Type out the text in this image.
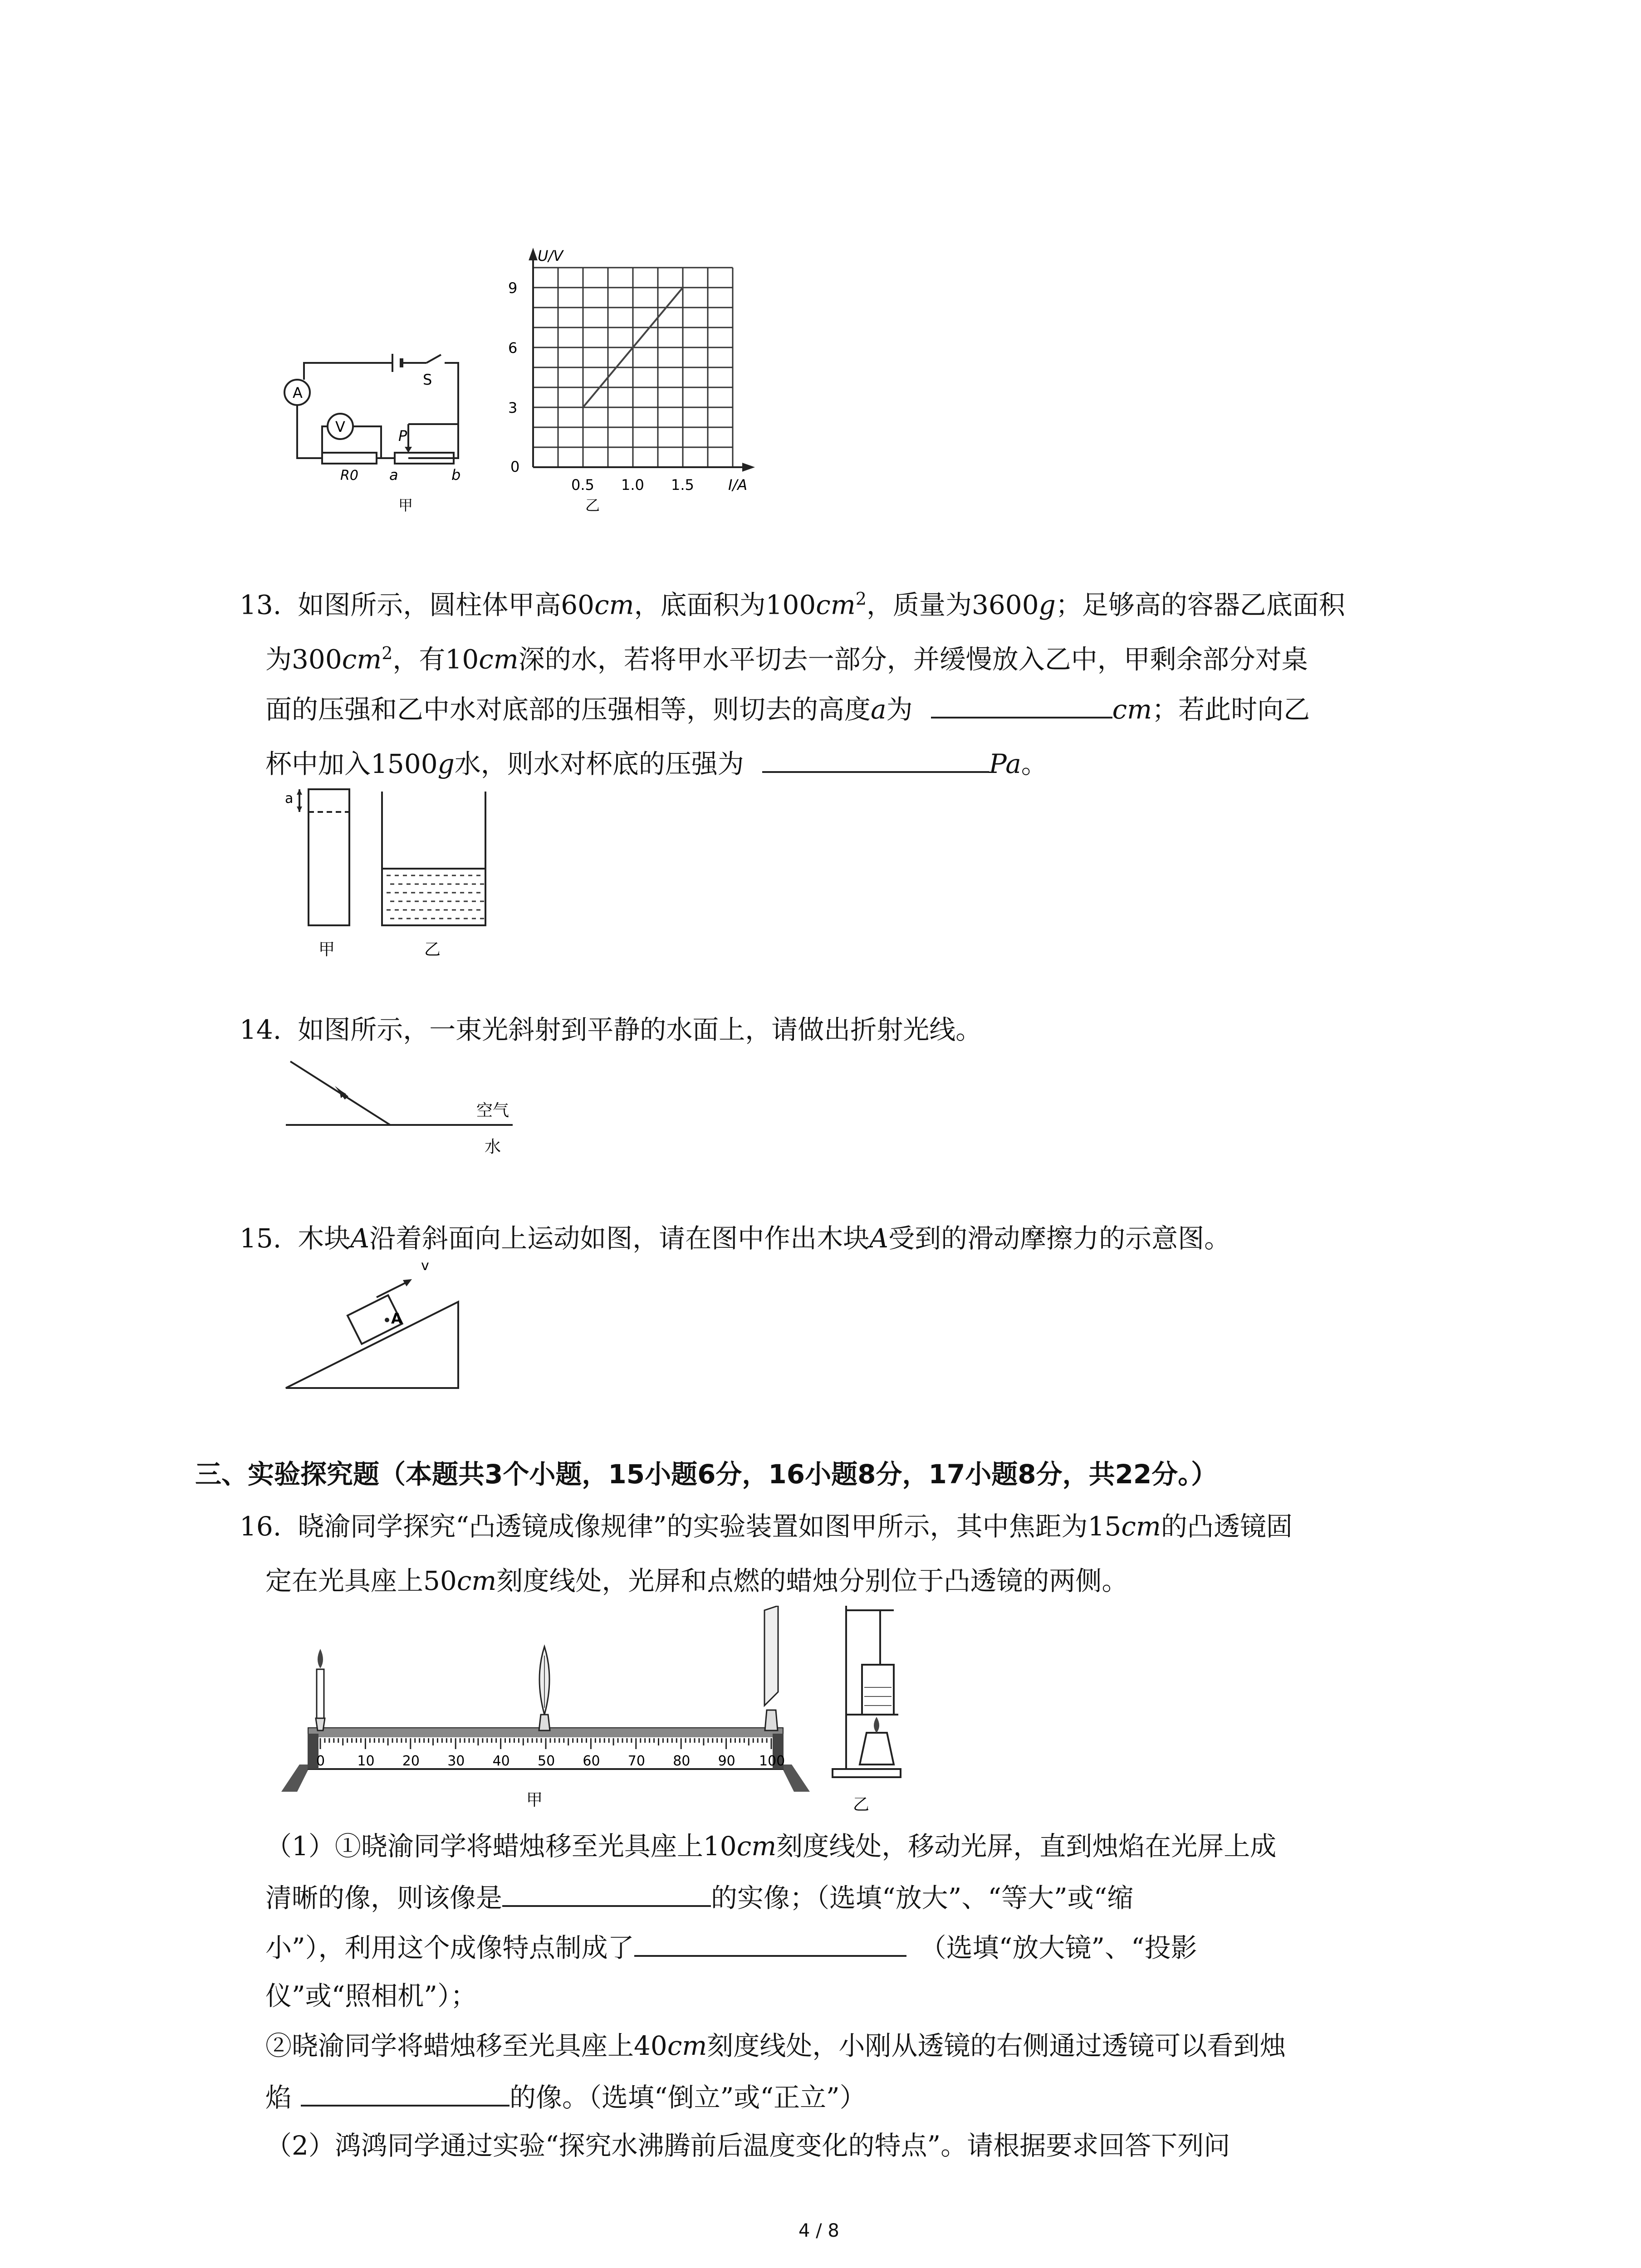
A
V
S
P
R0 a	b
甲
3
6
9
0.5 1.0 1.5
U/V
I/A
0
乙
13. 如图所示，圆柱体甲高60cm，底面积为$100cm^2$，质量为3600g；足够高的容器乙底面积
为$300cm^2$，有10cm深的水，若将甲水平切去一部分，并缓慢放入乙中，甲剩余部分对桌
面的压强和乙中水对底部的压强相等，则切去的高度a为	cm；若此时向乙
杯中加入1500g水，则水对杯底的压强为	Pa。
a
甲	乙
14. 如图所示，一束光斜射到平静的水面上，请做出折射光线。
空气
水
15. 木块A沿着斜面向上运动如图，请在图中作出木块A受到的滑动摩擦力的示意图。
v
A
三、实验探究题（本题共3个小题，15小题6分，16小题8分，17小题8分，共22分。）
16. 晓渝同学探究“凸透镜成像规律”的实验装置如图甲所示，其中焦距为15cm的凸透镜固
定在光具座上50cm刻度线处，光屏和点燃的蜡烛分别位于凸透镜的两侧。
0 10 20 30 40 50 60 70 80 90 100
甲	乙
（1）①晓渝同学将蜡烛移至光具座上10cm刻度线处，移动光屏，直到烛焰在光屏上成
清晰的像，则该像是	的实像；（选填“放大”、“等大”或“缩
小”），利用这个成像特点制成了	（选填“放大镜”、“投影
仪”或“照相机”）；
②晓渝同学将蜡烛移至光具座上40cm刻度线处，小刚从透镜的右侧通过透镜可以看到烛
焰	的像。（选填“倒立”或“正立”）
（2）鸿鸿同学通过实验“探究水沸腾前后温度变化的特点”。请根据要求回答下列问
4 / 8
